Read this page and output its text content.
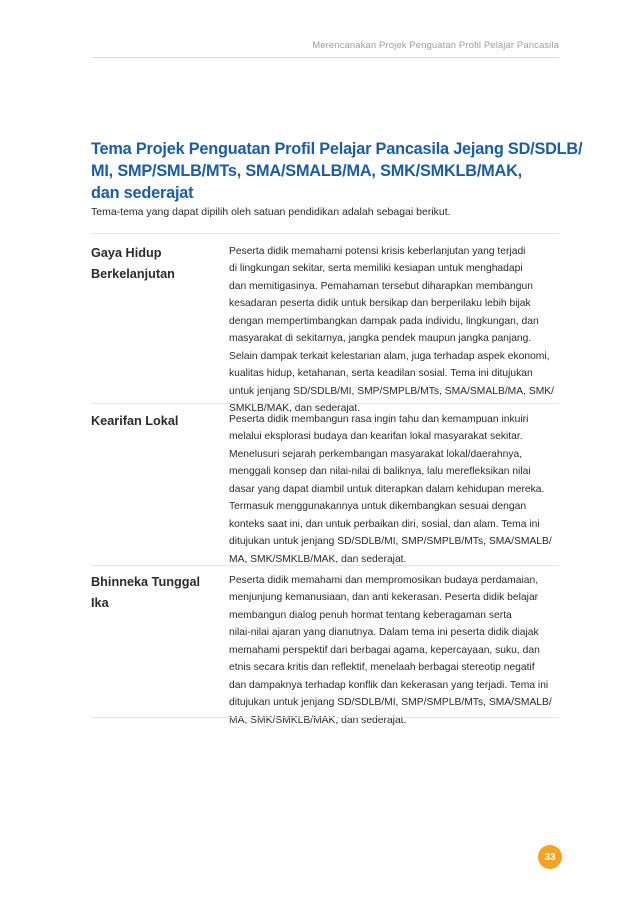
Merencanakan Projek Penguatan Profil Pelajar Pancasila
Tema Projek Penguatan Profil Pelajar Pancasila Jejang SD/SDLB/
MI, SMP/SMLB/MTs, SMA/SMALB/MA, SMK/SMKLB/MAK,
dan sederajat
Tema-tema yang dapat dipilih oleh satuan pendidikan adalah sebagai berikut.
Gaya Hidup
Berkelanjutan
Peserta didik memahami potensi krisis keberlanjutan yang terjadi
di lingkungan sekitar, serta memiliki kesiapan untuk menghadapi
dan memitigasinya. Pemahaman tersebut diharapkan membangun
kesadaran peserta didik untuk bersikap dan berperilaku lebih bijak
dengan mempertimbangkan dampak pada individu, lingkungan, dan
masyarakat di sekitarnya, jangka pendek maupun jangka panjang.
Selain dampak terkait kelestarian alam, juga terhadap aspek ekonomi,
kualitas hidup, ketahanan, serta keadilan sosial. Tema ini ditujukan
untuk jenjang SD/SDLB/MI, SMP/SMPLB/MTs, SMA/SMALB/MA, SMK/
SMKLB/MAK, dan sederajat.
Kearifan Lokal	Peserta didik membangun rasa ingin tahu dan kemampuan inkuiri
melalui eksplorasi budaya dan kearifan lokal masyarakat sekitar.
Menelusuri sejarah perkembangan masyarakat lokal/daerahnya,
menggali konsep dan nilai-nilai di baliknya, lalu merefleksikan nilai
dasar yang dapat diambil untuk diterapkan dalam kehidupan mereka.
Termasuk menggunakannya untuk dikembangkan sesuai dengan
konteks saat ini, dan untuk perbaikan diri, sosial, dan alam. Tema ini
ditujukan untuk jenjang SD/SDLB/MI, SMP/SMPLB/MTs, SMA/SMALB/
MA, SMK/SMKLB/MAK, dan sederajat.
Bhinneka Tunggal
Ika
Peserta didik memahami dan mempromosikan budaya perdamaian,
menjunjung kemanusiaan, dan anti kekerasan. Peserta didik belajar
membangun dialog penuh hormat tentang keberagaman serta
nilai-nilai ajaran yang dianutnya. Dalam tema ini peserta didik diajak
memahami perspektif dari berbagai agama, kepercayaan, suku, dan
etnis secara kritis dan reflektif, menelaah berbagai stereotip negatif
dan dampaknya terhadap konflik dan kekerasan yang terjadi. Tema ini
ditujukan untuk jenjang SD/SDLB/MI, SMP/SMPLB/MTs, SMA/SMALB/
MA, SMK/SMKLB/MAK, dan sederajat.
33
